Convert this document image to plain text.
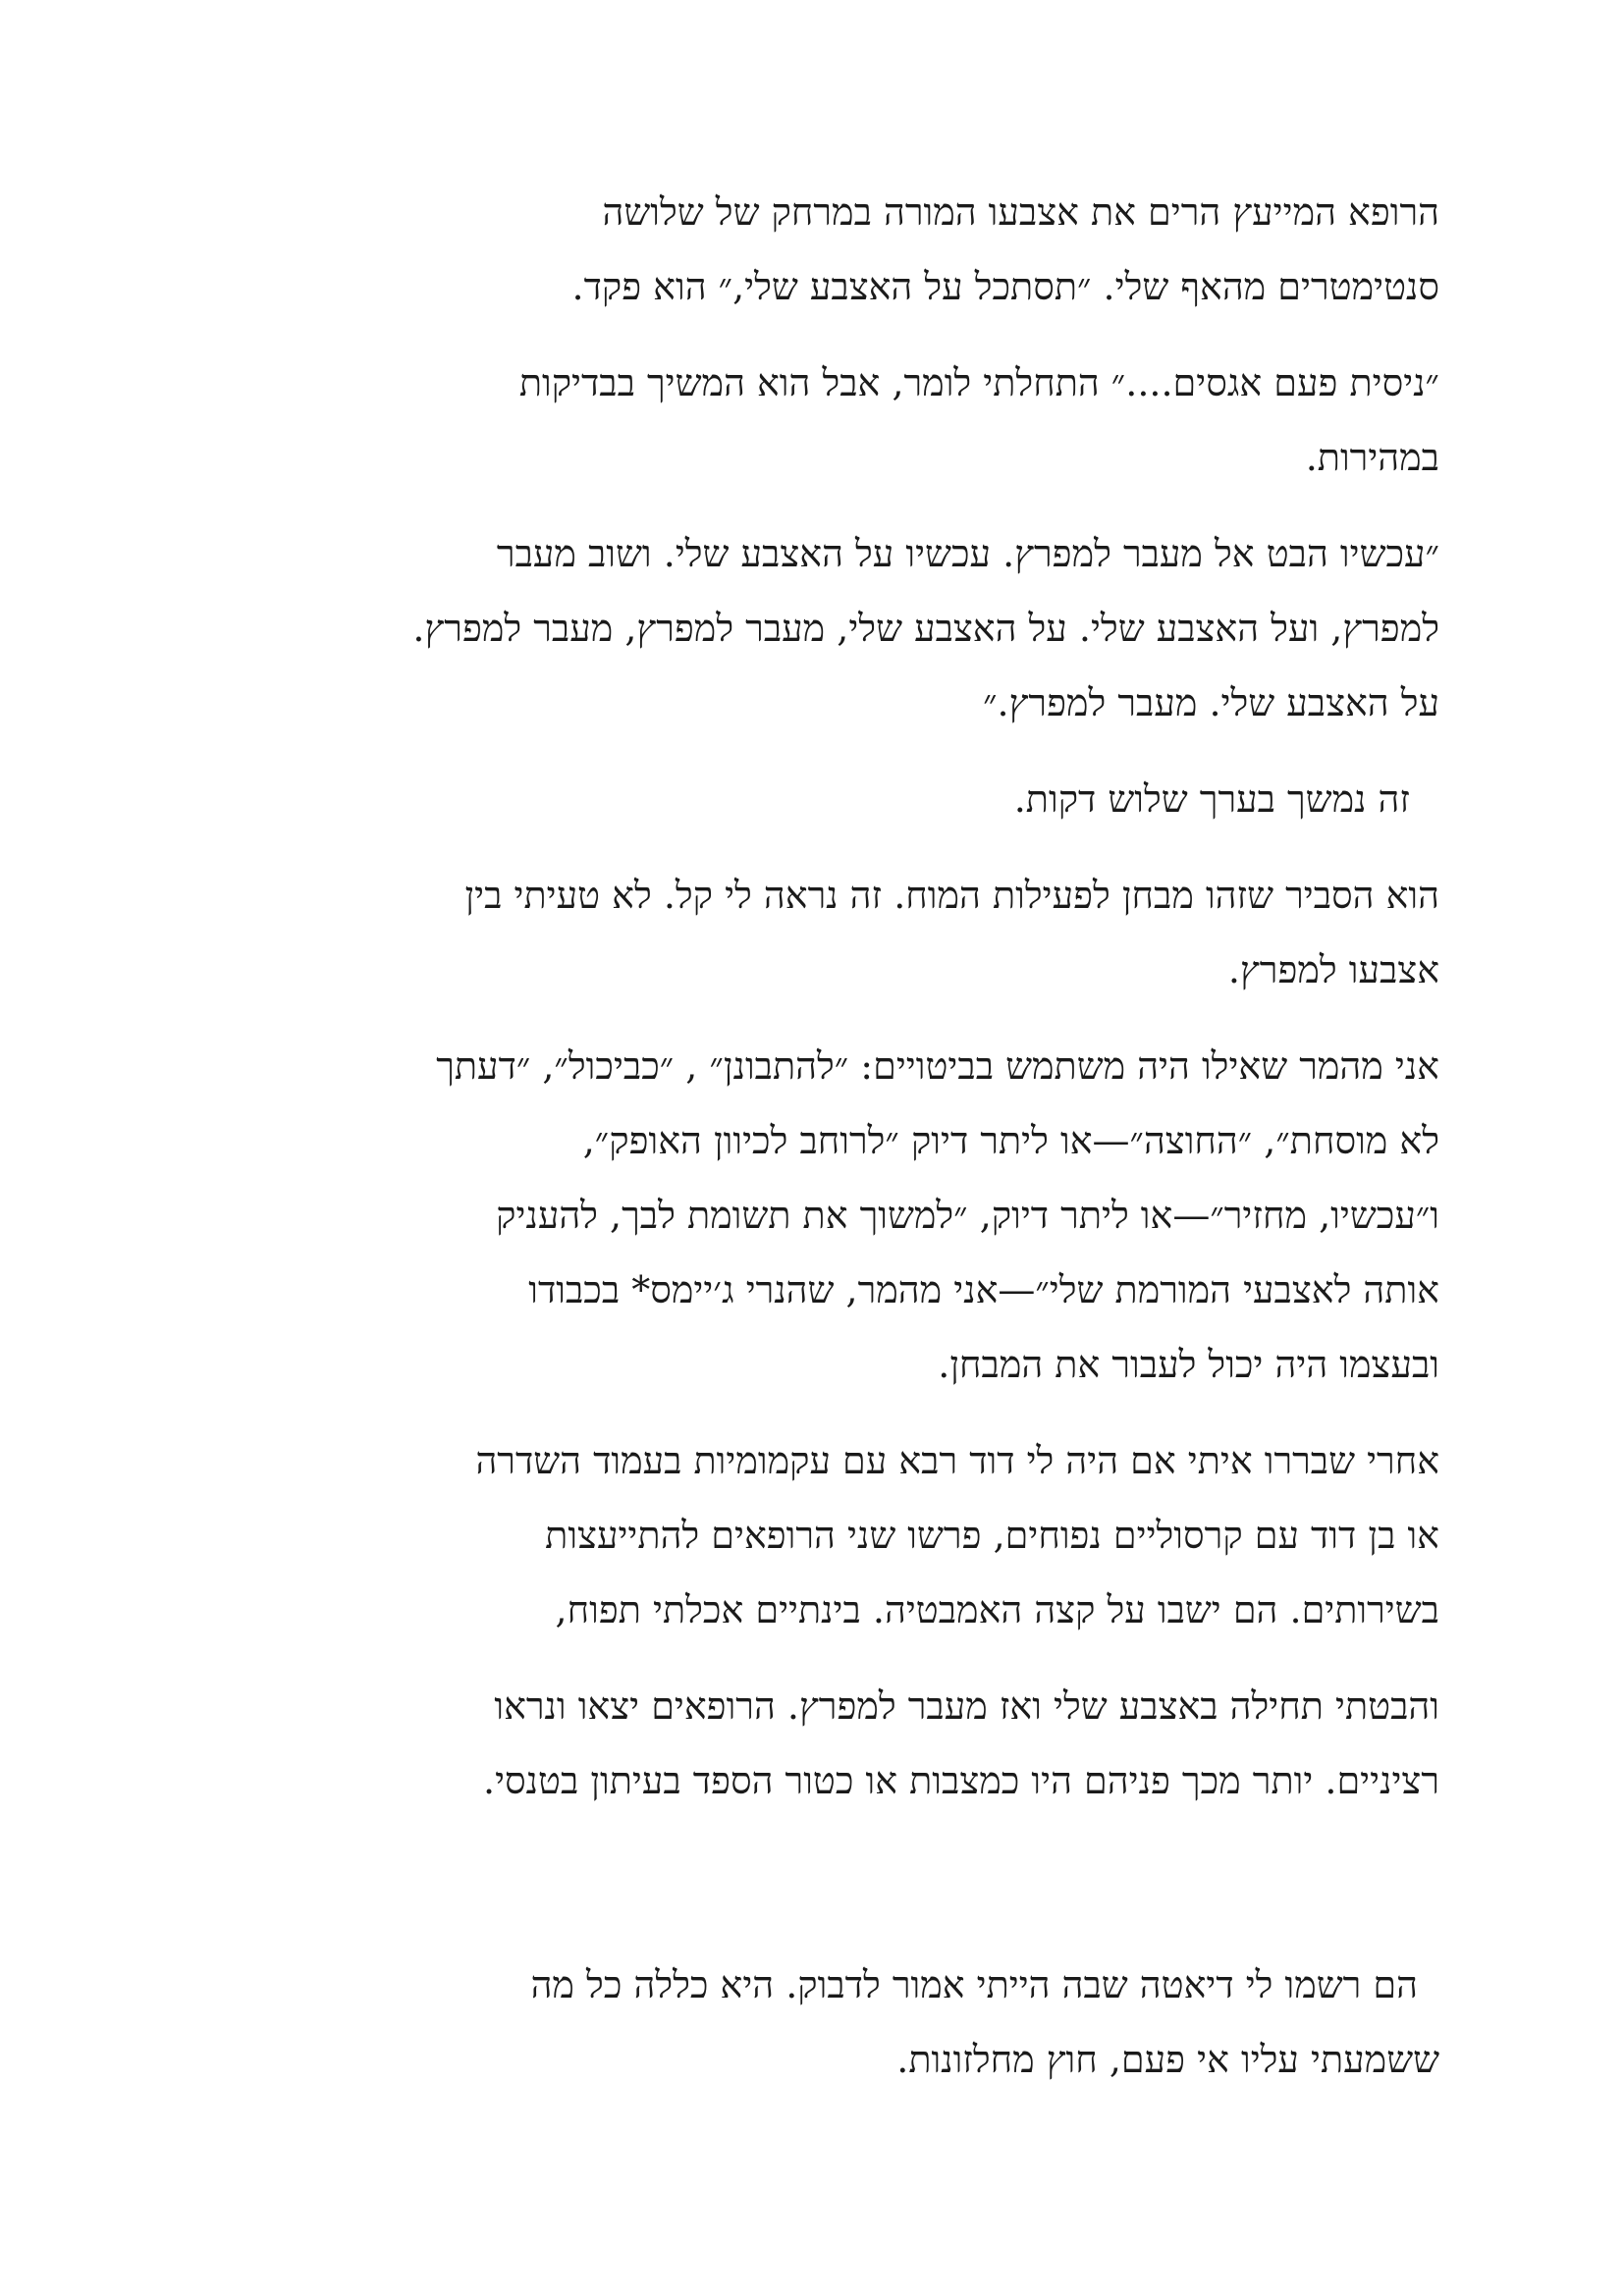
הרופא המייעץ הרים את אצבעו המורה במרחק של שלושה
סנטימטרים מהאף שלי. ״תסתכל על האצבע שלי,״ הוא פקד.

״ניסית פעם אגסים....״ התחלתי לומר, אבל הוא המשיך בבדיקות
במהירות.

״עכשיו הבט אל מעבר למפרץ. עכשיו על האצבע שלי. ושוב מעבר
למפרץ, ועל האצבע שלי. על האצבע שלי, מעבר למפרץ, מעבר למפרץ.
על האצבע שלי. מעבר למפרץ.״

זה נמשך בערך שלוש דקות.

הוא הסביר שזהו מבחן לפעילות המוח. זה נראה לי קל. לא טעיתי בין
אצבעו למפרץ.

אני מהמר שאילו היה משתמש בביטויים: ״להתבונן״ , ״כביכול״, ״דעתך
לא מוסחת״, ״החוצה״—או ליתר דיוק ״לרוחב לכיוון האופק״,
ו״עכשיו, מחזיר״—או ליתר דיוק, ״למשוך את תשומת לבך, להעניק
אותה לאצבעי המורמת שלי״—אני מהמר, שהנרי ג׳יימס* בכבודו
ובעצמו היה יכול לעבור את המבחן.

אחרי שבררו איתי אם היה לי דוד רבא עם עקמומיות בעמוד השדרה
או בן דוד עם קרסוליים נפוחים, פרשו שני הרופאים להתייעצות
בשירותים. הם ישבו על קצה האמבטיה. בינתיים אכלתי תפוח,

והבטתי תחילה באצבע שלי ואז מעבר למפרץ. הרופאים יצאו ונראו
רציניים. יותר מכך פניהם היו כמצבות או כטור הספד בעיתון בטנסי.

הם רשמו לי דיאטה שבה הייתי אמור לדבוק. היא כללה כל מה
ששמעתי עליו אי פעם, חוץ מחלזונות.
